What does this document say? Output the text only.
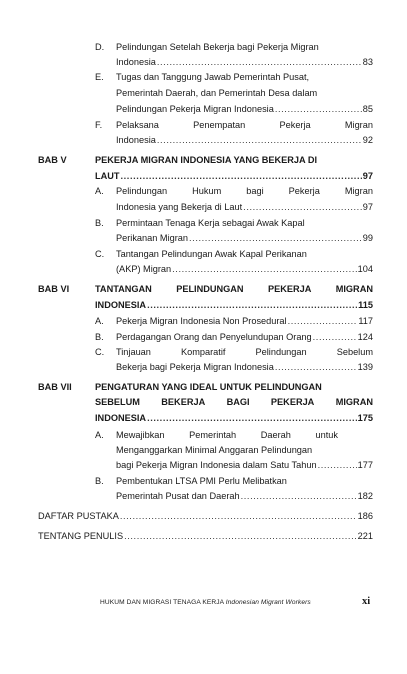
D. Pelindungan Setelah Bekerja bagi Pekerja Migran
Indonesia .....	83
E. Tugas dan Tanggung Jawab Pemerintah Pusat,
Pemerintah Daerah, dan Pemerintah Desa dalam
Pelindungan Pekerja Migran Indonesia .....	85
F. Pelaksana	Penempatan	Pekerja	Migran
Indonesia .....	92
BAB V	PEKERJA MIGRAN INDONESIA YANG BEKERJA DI
LAUT .....	97
A. Pelindungan	Hukum	bagi	Pekerja	Migran
Indonesia yang Bekerja di Laut .....	97
B. Permintaan Tenaga Kerja sebagai Awak Kapal
Perikanan Migran .....	99
C. Tantangan Pelindungan Awak Kapal Perikanan
(AKP) Migran .....	104
BAB VI	TANTANGAN	PELINDUNGAN	PEKERJA	MIGRAN
INDONESIA .....	115
A. Pekerja Migran Indonesia Non Prosedural .....	117
B. Perdagangan Orang dan Penyelundupan Orang .....	124
C. Tinjauan	Komparatif	Pelindungan	Sebelum
Bekerja bagi Pekerja Migran Indonesia .....	139
BAB VII	PENGATURAN YANG IDEAL UNTUK PELINDUNGAN
SEBELUM BEKERJA BAGI PEKERJA MIGRAN
INDONESIA .....	175
A. Mewajibkan	Pemerintah	Daerah	untuk
Menganggarkan Minimal Anggaran Pelindungan
bagi Pekerja Migran Indonesia dalam Satu Tahun .....	177
B. Pembentukan LTSA PMI Perlu Melibatkan
Pemerintah Pusat dan Daerah .....	182
DAFTAR PUSTAKA .....	186
TENTANG PENULIS .....	221
HUKUM DAN MIGRASI TENAGA KERJA Indonesian Migrant Workers	xi
